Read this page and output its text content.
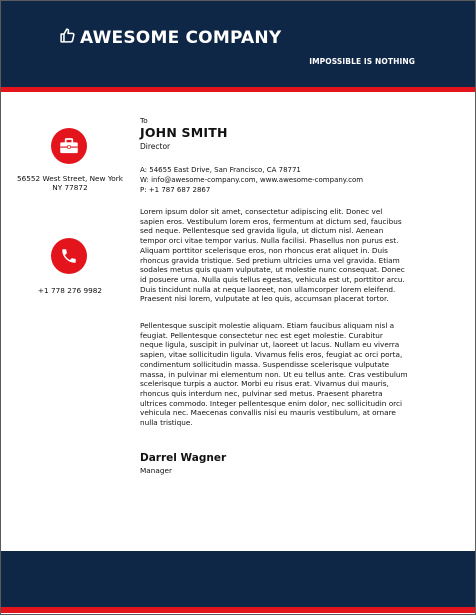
AWESOME COMPANY
IMPOSSIBLE IS NOTHING
56552 West Street, New York
NY 77872
+1 778 276 9982
To
JOHN SMITH
Director
A: 54655 East Drive, San Francisco, CA 78771
W: info@awesome-company.com, www.awesome-company.com
P: +1 787 687 2867
Lorem ipsum dolor sit amet, consectetur adipiscing elit. Donec vel sapien eros. Vestibulum lorem eros, fermentum at dictum sed, faucibus sed neque. Pellentesque sed gravida ligula, ut dictum nisl. Aenean tempor orci vitae tempor varius. Nulla facilisi. Phasellus non purus est. Aliquam porttitor scelerisque eros, non rhoncus erat aliquet in. Duis rhoncus gravida tristique. Sed pretium ultricies urna vel gravida. Etiam sodales metus quis quam vulputate, ut molestie nunc consequat. Donec id posuere urna. Nulla quis tellus egestas, vehicula est ut, porttitor arcu. Duis tincidunt nulla at neque laoreet, non ullamcorper lorem eleifend. Praesent nisi lorem, vulputate at leo quis, accumsan placerat tortor.
Pellentesque suscipit molestie aliquam. Etiam faucibus aliquam nisl a feugiat. Pellentesque consectetur nec est eget molestie. Curabitur neque ligula, suscipit in pulvinar ut, laoreet ut lacus. Nullam eu viverra sapien, vitae sollicitudin ligula. Vivamus felis eros, feugiat ac orci porta, condimentum sollicitudin massa. Suspendisse scelerisque vulputate massa, in pulvinar mi elementum non. Ut eu tellus ante. Cras vestibulum scelerisque turpis a auctor. Morbi eu risus erat. Vivamus dui mauris, rhoncus quis interdum nec, pulvinar sed metus. Praesent pharetra ultrices commodo. Integer pellentesque enim dolor, nec sollicitudin orci vehicula nec. Maecenas convallis nisi eu mauris vestibulum, at ornare nulla tristique.
Darrel Wagner
Manager
